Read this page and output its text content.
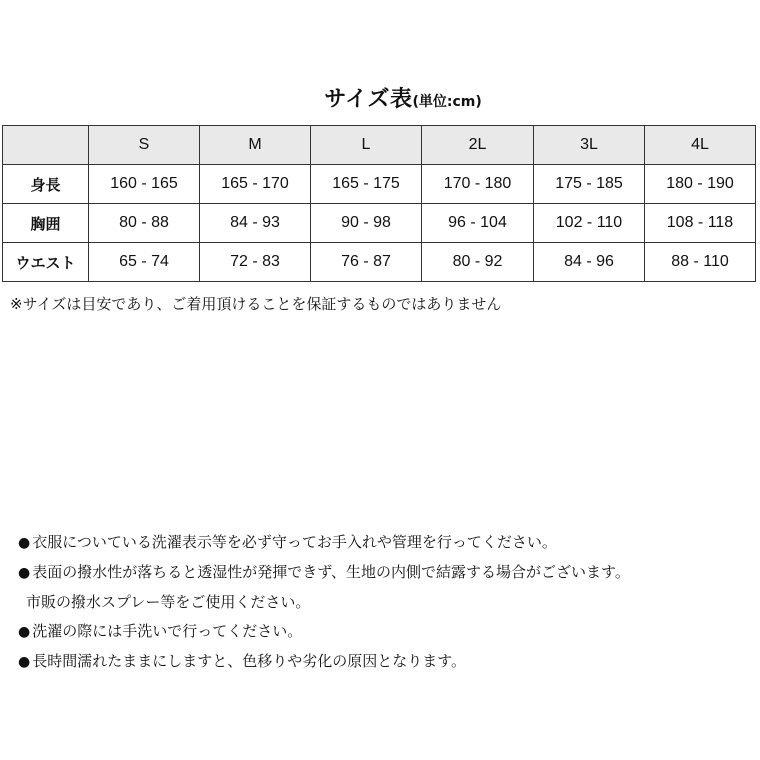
サイズ表(単位:cm)
	S	M	L	2L	3L	4L
身長	160 - 165	165 - 170	165 - 175	170 - 180	175 - 185	180 - 190
胸囲	80 - 88	84 - 93	90 - 98	96 - 104	102 - 110	108 - 118
ウエスト	65 - 74	72 - 83	76 - 87	80 - 92	84 - 96	88 - 110
※サイズは目安であり、ご着用頂けることを保証するものではありません
● 衣服についている洗濯表示等を必ず守ってお手入れや管理を行ってください。
● 表面の撥水性が落ちると透湿性が発揮できず、生地の内側で結露する場合がございます。
市販の撥水スプレー等をご使用ください。
● 洗濯の際には手洗いで行ってください。
● 長時間濡れたままにしますと、色移りや劣化の原因となります。
